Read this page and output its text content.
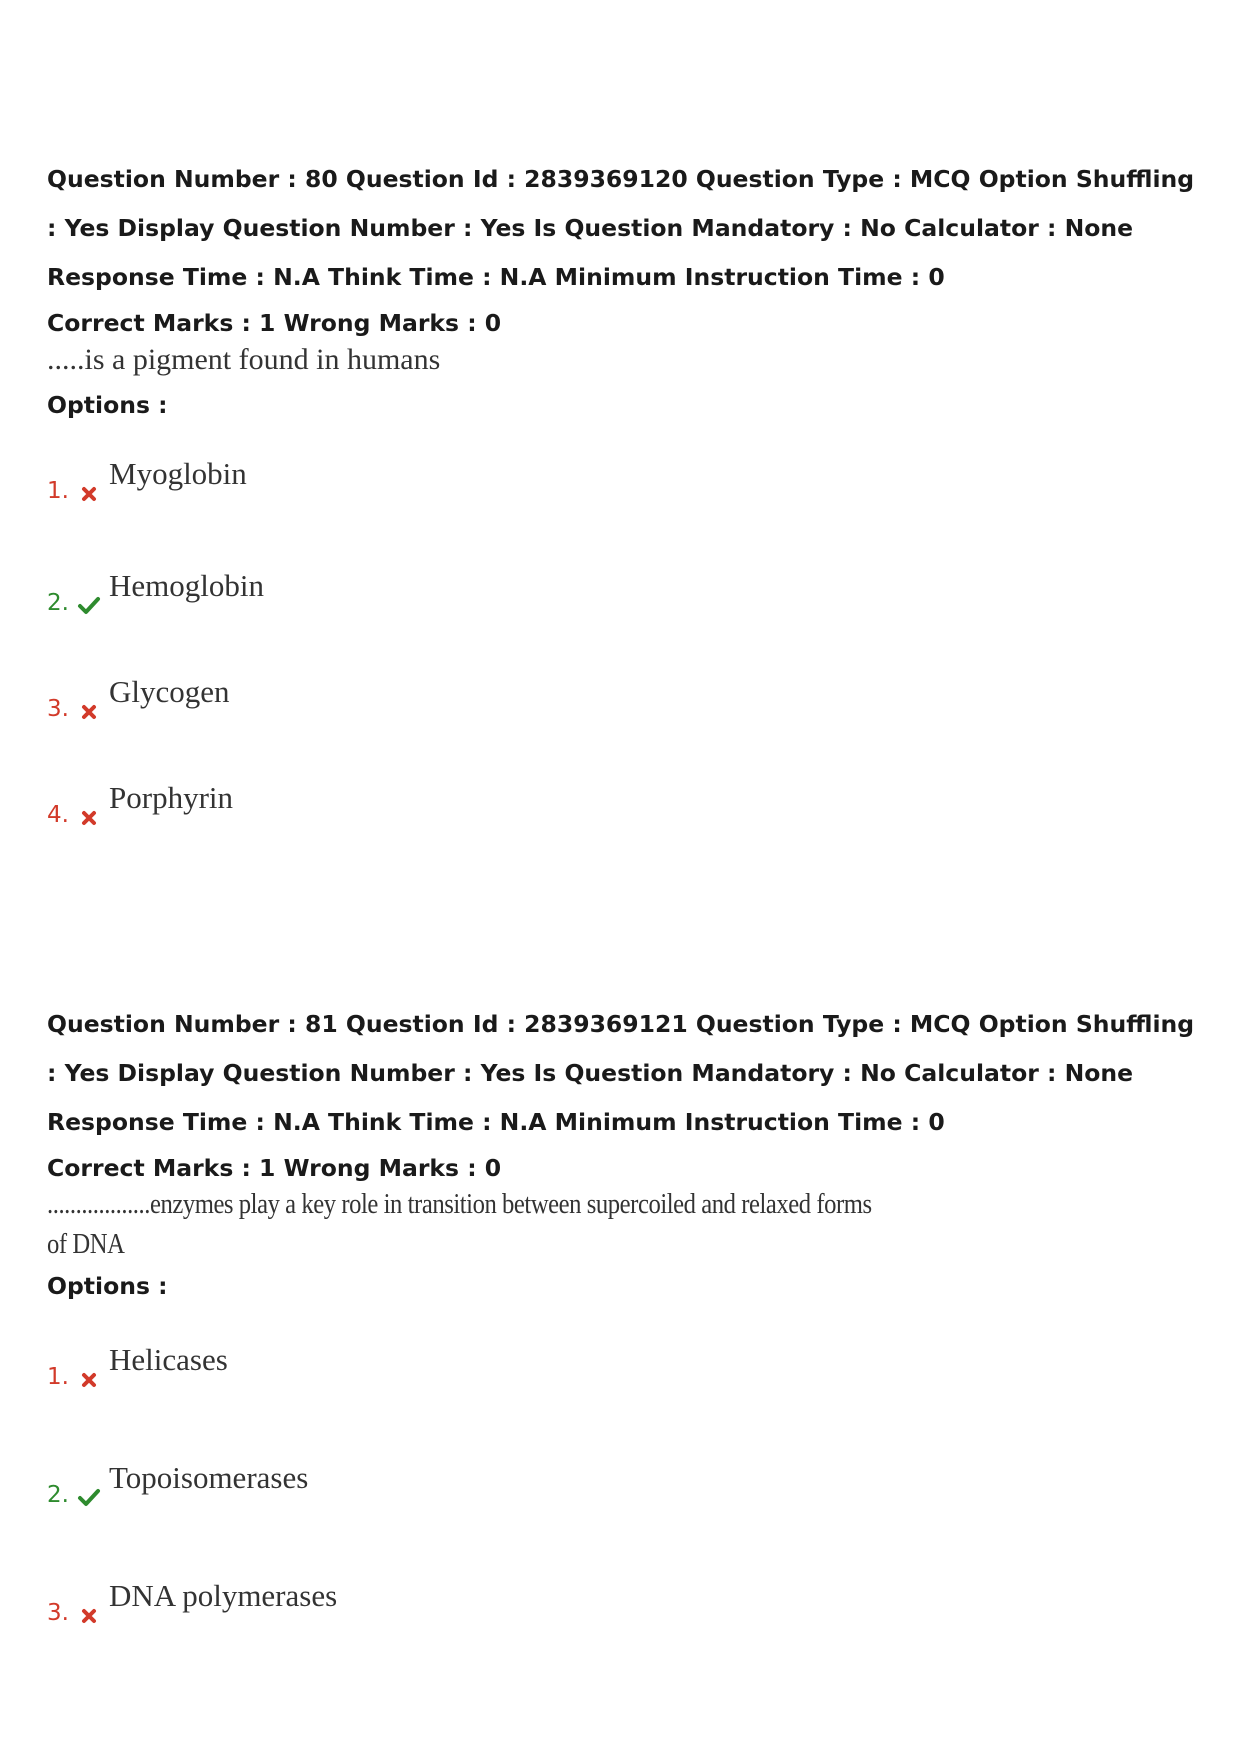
Question Number : 80 Question Id : 2839369120 Question Type : MCQ Option Shuffling : Yes Display Question Number : Yes Is Question Mandatory : No Calculator : None Response Time : N.A Think Time : N.A Minimum Instruction Time : 0

Correct Marks : 1 Wrong Marks : 0

.....is a pigment found in humans

Options :

1. Myoglobin
2. Hemoglobin
3. Glycogen
4. Porphyrin

Question Number : 81 Question Id : 2839369121 Question Type : MCQ Option Shuffling : Yes Display Question Number : Yes Is Question Mandatory : No Calculator : None Response Time : N.A Think Time : N.A Minimum Instruction Time : 0

Correct Marks : 1 Wrong Marks : 0

..................enzymes play a key role in transition between supercoiled and relaxed forms

of DNA

Options :

1. Helicases
2. Topoisomerases
3. DNA polymerases
